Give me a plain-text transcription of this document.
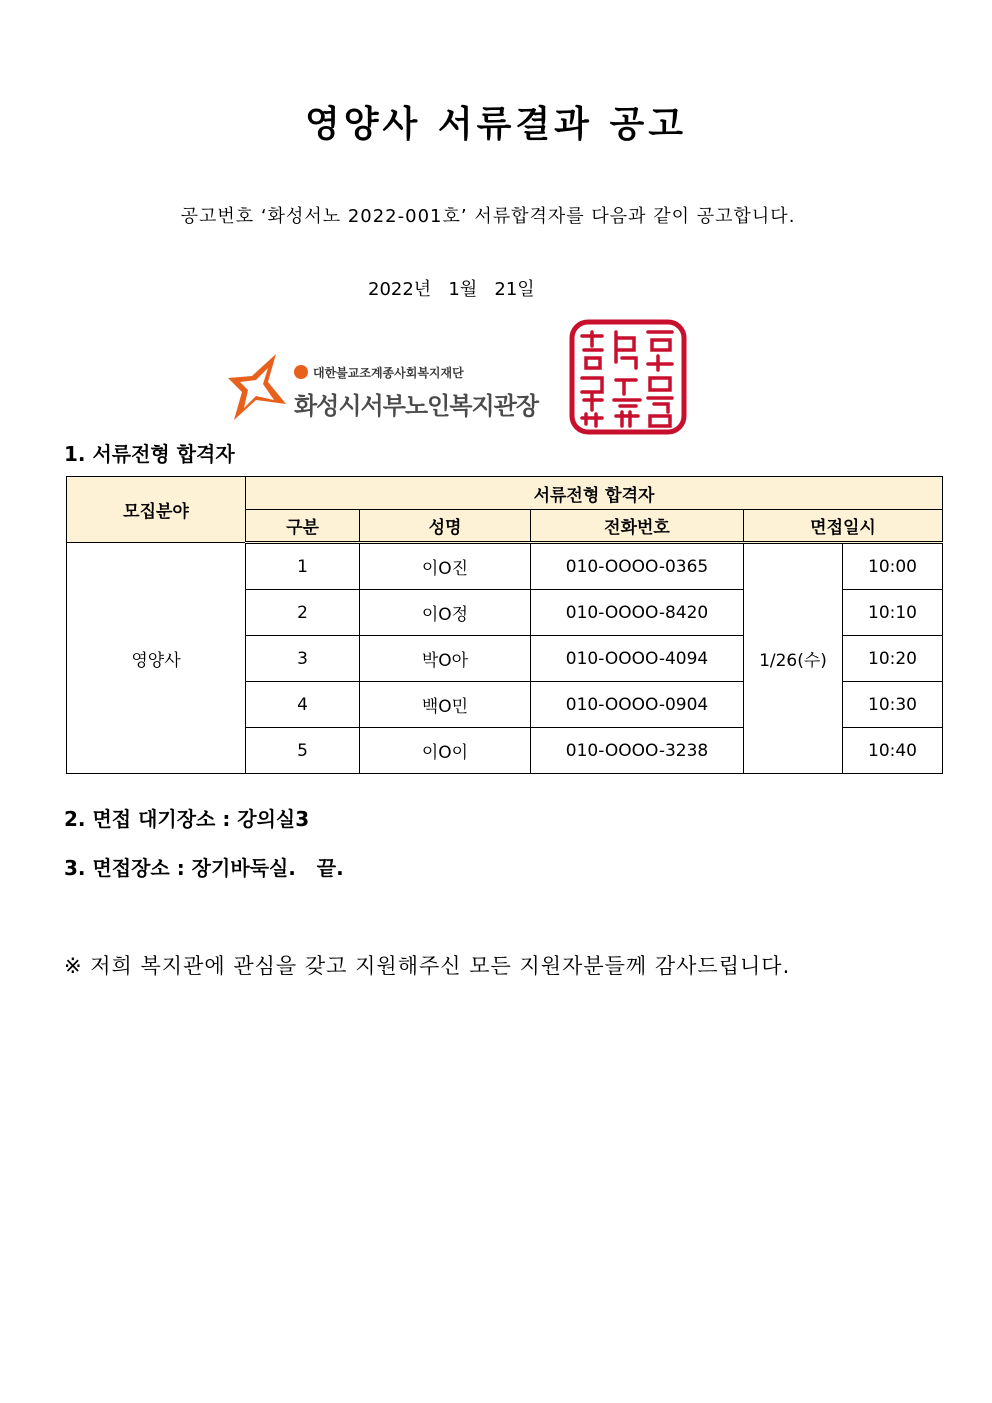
영양사 서류결과 공고
공고번호 ‘화성서노 2022-001호’ 서류합격자를 다음과 같이 공고합니다.
2022년   1월   21일
대한불교조계종사회복지재단
화성시서부노인복지관장
1. 서류전형 합격자
모집분야	서류전형 합격자				
	구분	성명	전화번호	면접일시	
영양사	1	이O진	010-OOOO-0365	1/26(수)	10:00
	2	이O정	010-OOOO-8420		10:10
	3	박O아	010-OOOO-4094		10:20
	4	백O민	010-OOOO-0904		10:30
	5	이O이	010-OOOO-3238		10:40
2. 면접 대기장소 : 강의실3
3. 면접장소 : 장기바둑실.   끝.
※ 저희 복지관에 관심을 갖고 지원해주신 모든 지원자분들께 감사드립니다.
